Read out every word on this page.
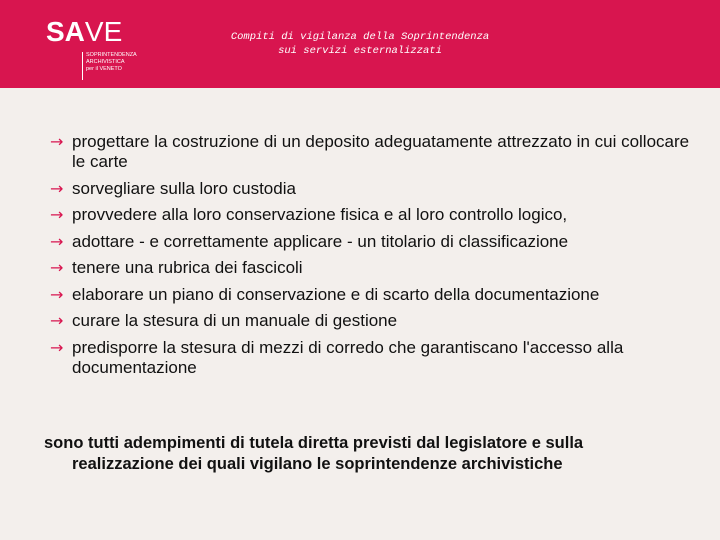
SAVE
SOPRINTENDENZA
ARCHIVISTICA
per il VENETO
Compiti di vigilanza della Soprintendenza
sui servizi esternalizzati
→ progettare la costruzione di un deposito adeguatamente attrezzato in cui collocare le carte
→ sorvegliare sulla loro custodia
→ provvedere alla loro conservazione fisica e al loro controllo logico,
→ adottare - e correttamente applicare - un titolario di classificazione
→ tenere una rubrica dei fascicoli
→ elaborare un piano di conservazione e di scarto della documentazione
→ curare la stesura di un manuale di gestione
→ predisporre la stesura di mezzi di corredo che garantiscano l'accesso alla documentazione

sono tutti adempimenti di tutela diretta previsti dal legislatore e sulla realizzazione dei quali vigilano le soprintendenze archivistiche
